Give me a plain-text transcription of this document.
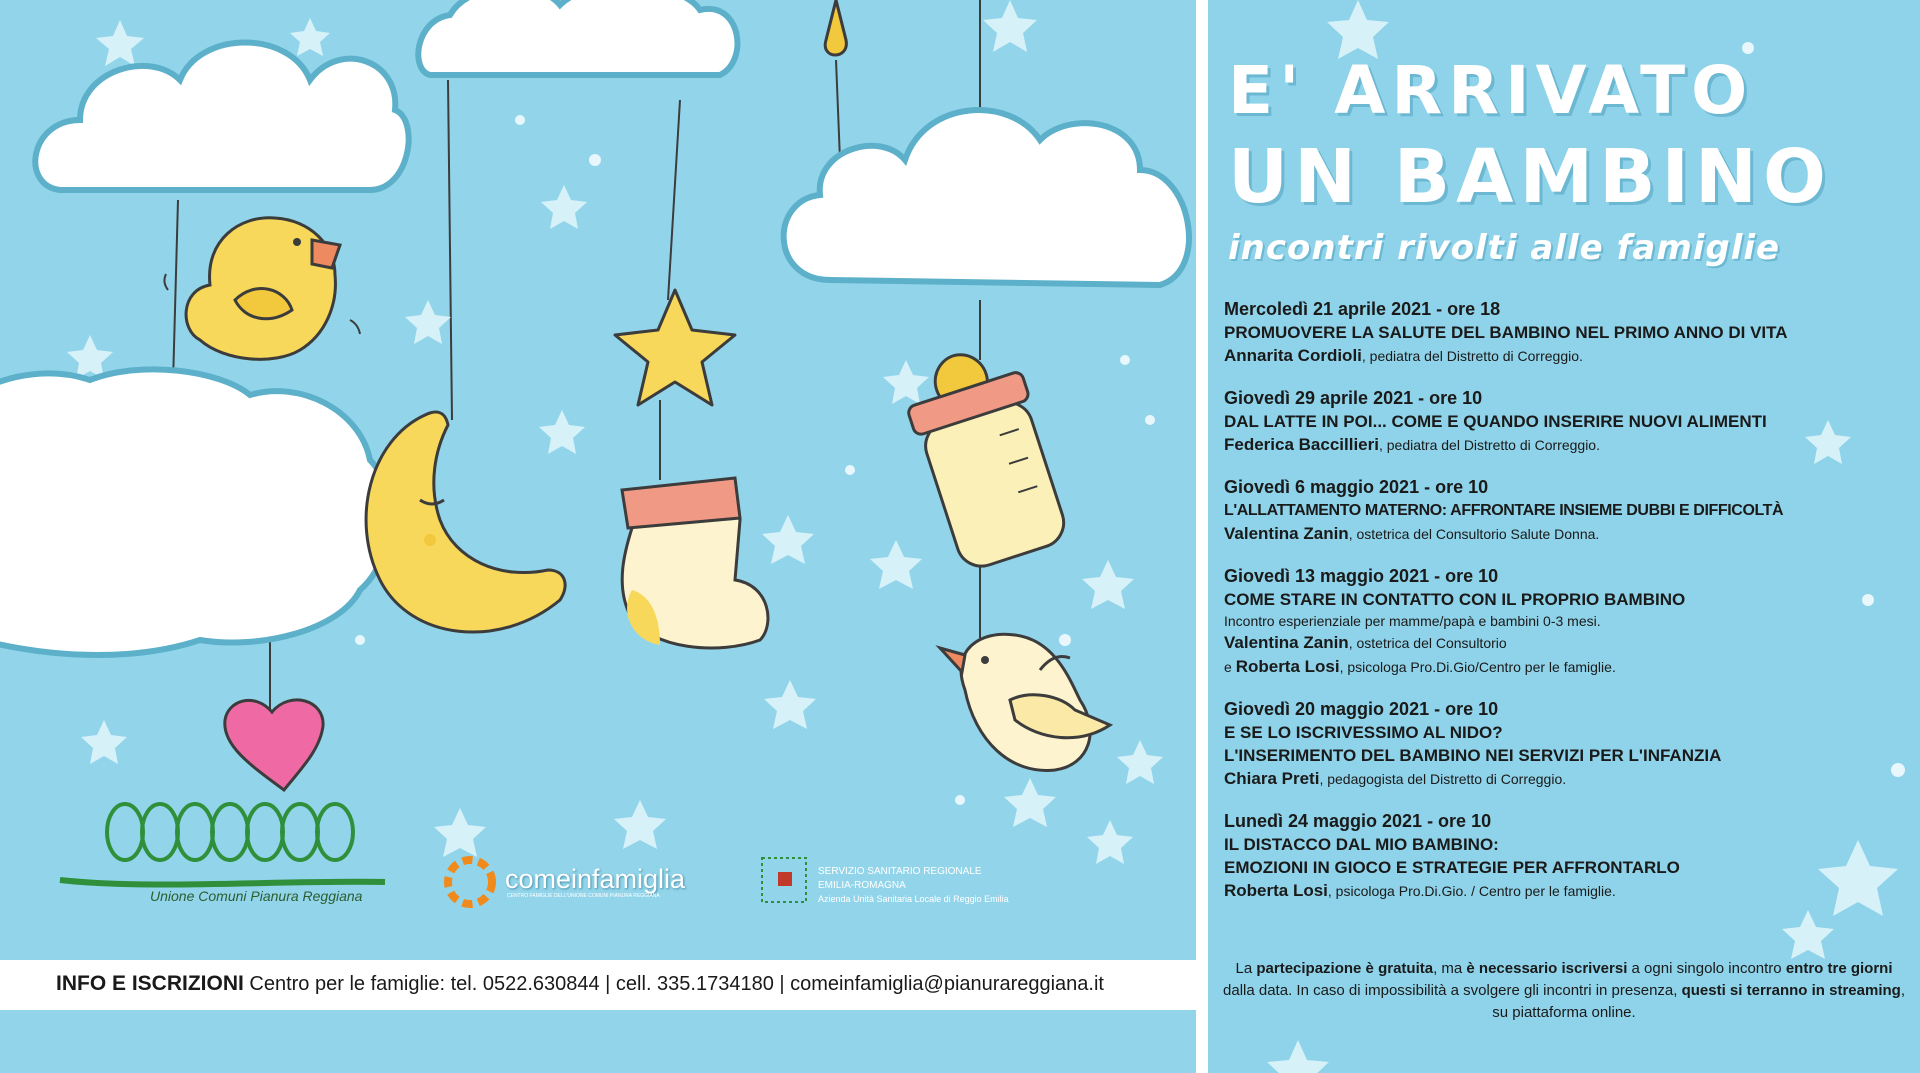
Unione Comuni Pianura Reggiana
comeinfamiglia
CENTRO FAMIGLIE DELL'UNIONE COMUNI PIANURA REGGIANA
SERVIZIO SANITARIO REGIONALE
EMILIA-ROMAGNA
Azienda Unità Sanitaria Locale di Reggio Emilia
INFO E ISCRIZIONI Centro per le famiglie: tel. 0522.630844 | cell. 335.1734180 | comeinfamiglia@pianurareggiana.it
E' ARRIVATO
UN BAMBINO
incontri rivolti alle famiglie
Mercoledì 21 aprile 2021 - ore 18
PROMUOVERE LA SALUTE DEL BAMBINO NEL PRIMO ANNO DI VITA
Annarita Cordioli, pediatra del Distretto di Correggio.
Giovedì 29 aprile 2021 - ore 10
DAL LATTE IN POI... COME E QUANDO INSERIRE NUOVI ALIMENTI
Federica Baccillieri, pediatra del Distretto di Correggio.
Giovedì 6 maggio 2021 - ore 10
L'ALLATTAMENTO MATERNO: AFFRONTARE INSIEME DUBBI E DIFFICOLTÀ
Valentina Zanin, ostetrica del Consultorio Salute Donna.
Giovedì 13 maggio 2021 - ore 10
COME STARE IN CONTATTO CON IL PROPRIO BAMBINO
Incontro esperienziale per mamme/papà e bambini 0-3 mesi.
Valentina Zanin, ostetrica del Consultorio
e Roberta Losi, psicologa Pro.Di.Gio/Centro per le famiglie.
Giovedì 20 maggio 2021 - ore 10
E SE LO ISCRIVESSIMO AL NIDO?
L'INSERIMENTO DEL BAMBINO NEI SERVIZI PER L'INFANZIA
Chiara Preti, pedagogista del Distretto di Correggio.
Lunedì 24 maggio 2021 - ore 10
IL DISTACCO DAL MIO BAMBINO:
EMOZIONI IN GIOCO E STRATEGIE PER AFFRONTARLO
Roberta Losi, psicologa Pro.Di.Gio. / Centro per le famiglie.
La partecipazione è gratuita, ma è necessario iscriversi a ogni singolo incontro entro tre giorni dalla data. In caso di impossibilità a svolgere gli incontri in presenza, questi si terranno in streaming, su piattaforma online.
